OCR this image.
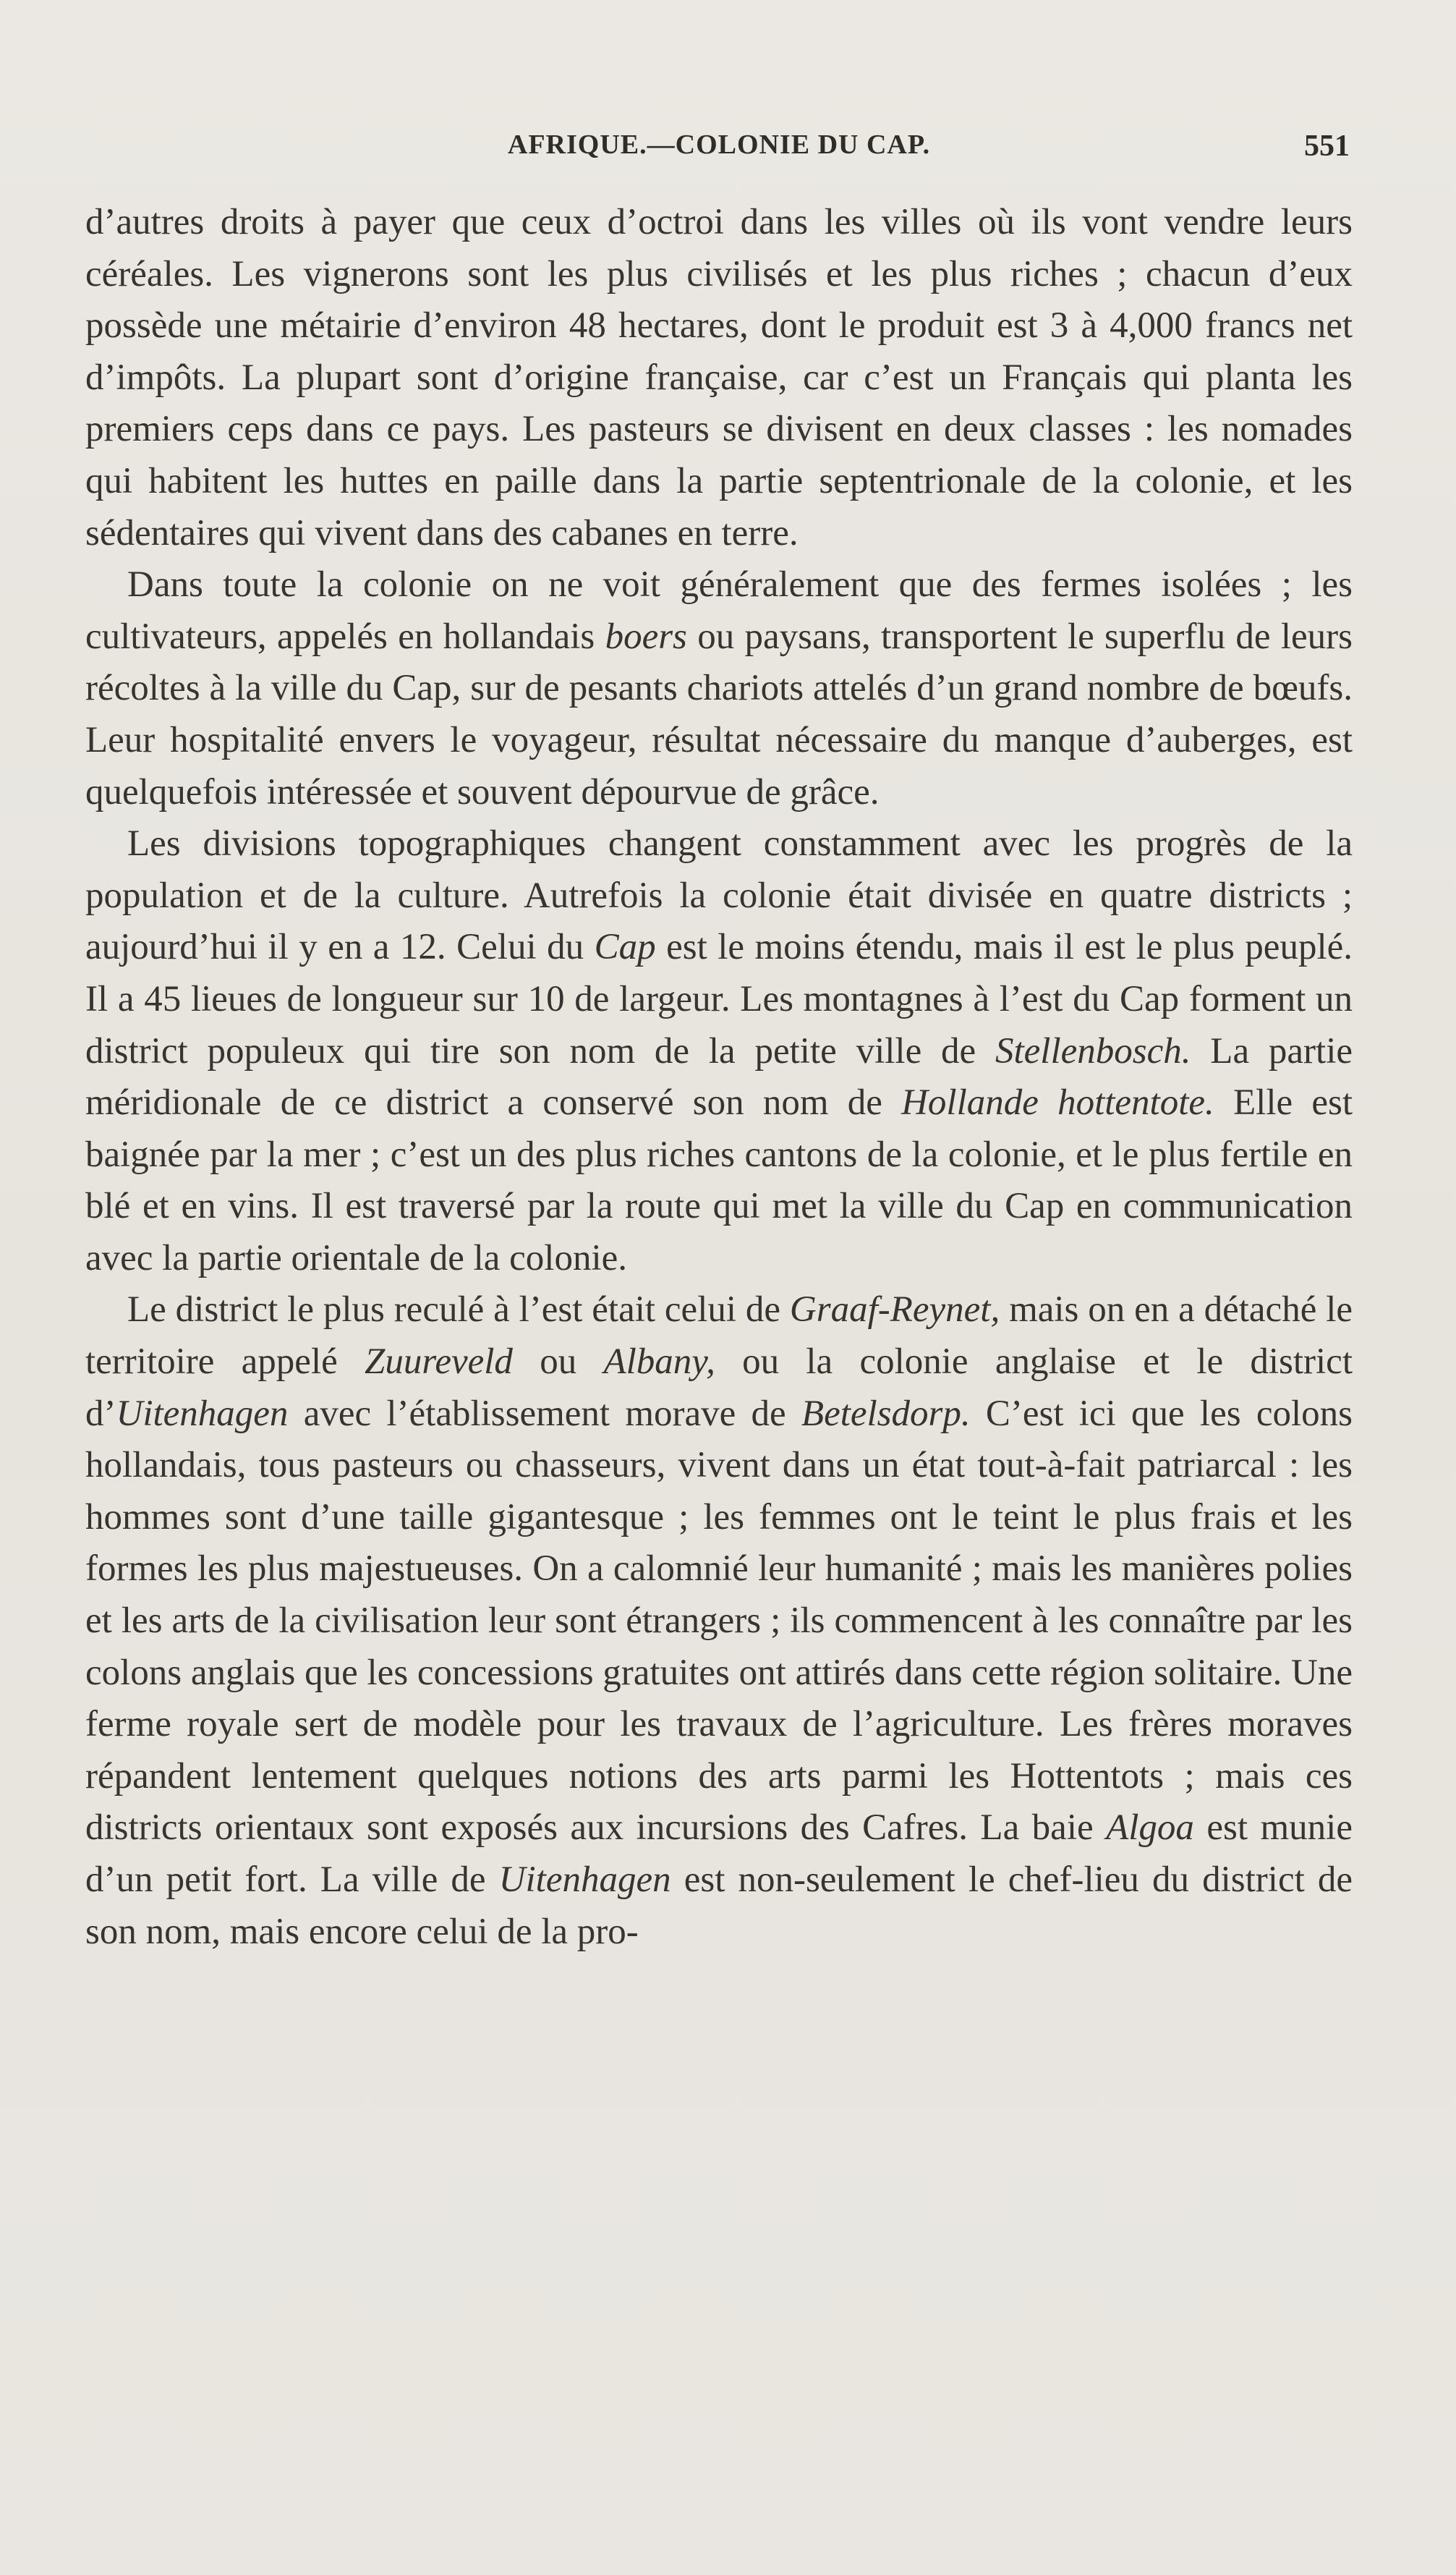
AFRIQUE.—COLONIE DU CAP.	551

d’autres droits à payer que ceux d’octroi dans les villes où ils vont vendre leurs céréales. Les vignerons sont les plus civilisés et les plus riches ; chacun d’eux possède une métairie d’environ 48 hectares, dont le produit est 3 à 4,000 francs net d’impôts. La plupart sont d’origine française, car c’est un Français qui planta les premiers ceps dans ce pays. Les pasteurs se divisent en deux classes : les nomades qui habitent les huttes en paille dans la partie septentrionale de la colonie, et les sédentaires qui vivent dans des cabanes en terre.

Dans toute la colonie on ne voit généralement que des fermes isolées ; les cultivateurs, appelés en hollandais boers ou paysans, transportent le superflu de leurs récoltes à la ville du Cap, sur de pesants chariots attelés d’un grand nombre de bœufs. Leur hospitalité envers le voyageur, résultat nécessaire du manque d’auberges, est quelquefois intéressée et souvent dépourvue de grâce.

Les divisions topographiques changent constamment avec les progrès de la population et de la culture. Autrefois la colonie était divisée en quatre districts ; aujourd’hui il y en a 12. Celui du Cap est le moins étendu, mais il est le plus peuplé. Il a 45 lieues de longueur sur 10 de largeur. Les montagnes à l’est du Cap forment un district populeux qui tire son nom de la petite ville de Stellenbosch. La partie méridionale de ce district a conservé son nom de Hollande hottentote. Elle est baignée par la mer ; c’est un des plus riches cantons de la colonie, et le plus fertile en blé et en vins. Il est traversé par la route qui met la ville du Cap en communication avec la partie orientale de la colonie.

Le district le plus reculé à l’est était celui de Graaf-Reynet, mais on en a détaché le territoire appelé Zuureveld ou Albany, ou la colonie anglaise et le district d’Uitenhagen avec l’établissement morave de Betelsdorp. C’est ici que les colons hollandais, tous pasteurs ou chasseurs, vivent dans un état tout-à-fait patriarcal : les hommes sont d’une taille gigantesque ; les femmes ont le teint le plus frais et les formes les plus majestueuses. On a calomnié leur humanité ; mais les manières polies et les arts de la civilisation leur sont étrangers ; ils commencent à les connaître par les colons anglais que les concessions gratuites ont attirés dans cette région solitaire. Une ferme royale sert de modèle pour les travaux de l’agriculture. Les frères moraves répandent lentement quelques notions des arts parmi les Hottentots ; mais ces districts orientaux sont exposés aux incursions des Cafres. La baie Algoa est munie d’un petit fort. La ville de Uitenhagen est non-seulement le chef-lieu du district de son nom, mais encore celui de la pro-
